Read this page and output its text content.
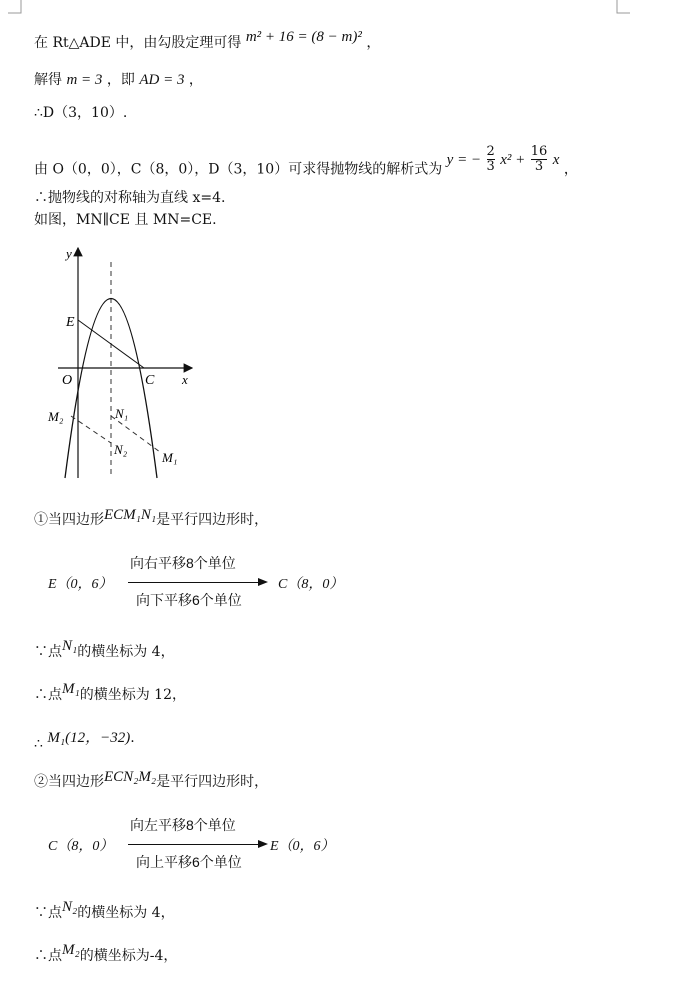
在 Rt△ADE 中，由勾股定理可得 m² + 16 = (8 − m)² ，
解得 m = 3 ，即 AD = 3 ，
∴D（3，10）.
由 O（0，0），C（8，0），D（3，10）可求得抛物线的解析式为 y = − $\frac{2}{3} x^2 + \frac{16}{3}$ x ，
∴抛物线的对称轴为直线 x=4.
如图，MN∥CE 且 MN=CE.
y
x
O	C
E
M₂	N₁
N₂
M₁
①当四边形ECM₁N₁是平行四边形时，
E（0，6）
向右平移8个单位
向下平移6个单位
C（8，0）
∵点N₁的横坐标为 4，
∴点M₁的横坐标为 12，
∴ M₁(12，−32).
②当四边形ECN₂M₂是平行四边形时，
C（8，0）
向左平移8个单位
向上平移6个单位
E（0，6）
∵点N₂的横坐标为 4，
∴点M₂的横坐标为-4，
